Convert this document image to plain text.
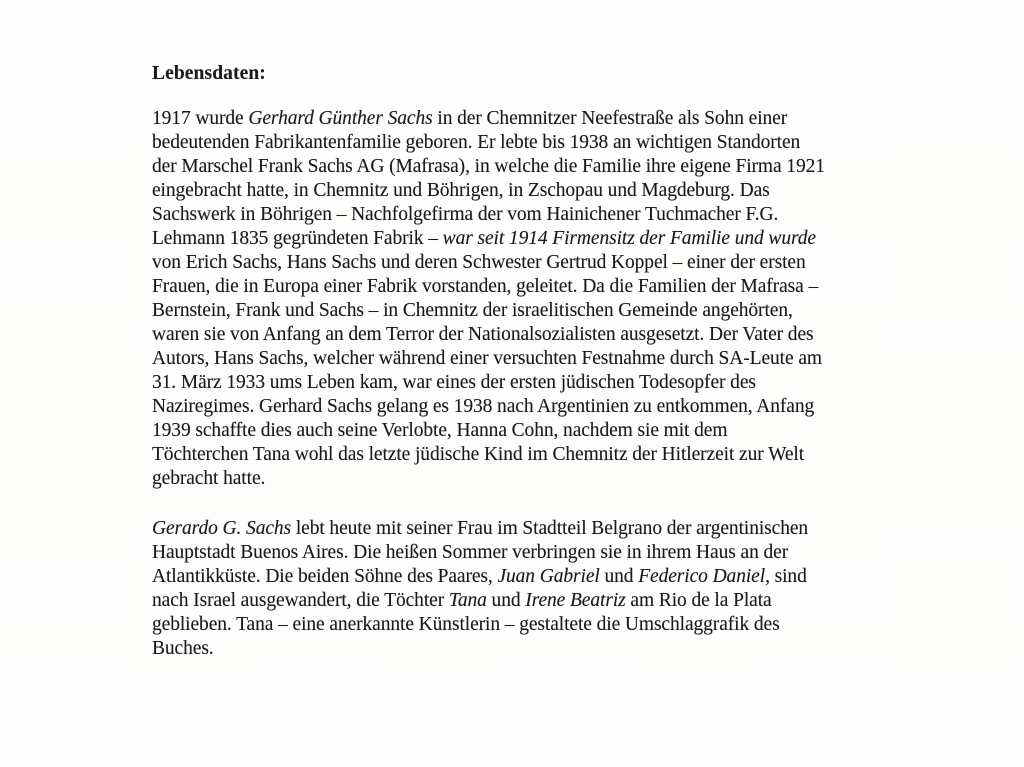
Lebensdaten:
1917 wurde Gerhard Günther Sachs in der Chemnitzer Neefestraße als Sohn einer
bedeutenden Fabrikantenfamilie geboren. Er lebte bis 1938 an wichtigen Standorten
der Marschel Frank Sachs AG (Mafrasa), in welche die Familie ihre eigene Firma 1921
eingebracht hatte, in Chemnitz und Böhrigen, in Zschopau und Magdeburg. Das
Sachswerk in Böhrigen – Nachfolgefirma der vom Hainichener Tuchmacher F.G.
Lehmann 1835 gegründeten Fabrik – war seit 1914 Firmensitz der Familie und wurde
von Erich Sachs, Hans Sachs und deren Schwester Gertrud Koppel – einer der ersten
Frauen, die in Europa einer Fabrik vorstanden, geleitet. Da die Familien der Mafrasa –
Bernstein, Frank und Sachs – in Chemnitz der israelitischen Gemeinde angehörten,
waren sie von Anfang an dem Terror der Nationalsozialisten ausgesetzt. Der Vater des
Autors, Hans Sachs, welcher während einer versuchten Festnahme durch SA-Leute am
31. März 1933 ums Leben kam, war eines der ersten jüdischen Todesopfer des
Naziregimes. Gerhard Sachs gelang es 1938 nach Argentinien zu entkommen, Anfang
1939 schaffte dies auch seine Verlobte, Hanna Cohn, nachdem sie mit dem
Töchterchen Tana wohl das letzte jüdische Kind im Chemnitz der Hitlerzeit zur Welt
gebracht hatte.
Gerardo G. Sachs lebt heute mit seiner Frau im Stadtteil Belgrano der argentinischen
Hauptstadt Buenos Aires. Die heißen Sommer verbringen sie in ihrem Haus an der
Atlantikküste. Die beiden Söhne des Paares, Juan Gabriel und Federico Daniel, sind
nach Israel ausgewandert, die Töchter Tana und Irene Beatriz am Rio de la Plata
geblieben. Tana – eine anerkannte Künstlerin – gestaltete die Umschlaggrafik des
Buches.
